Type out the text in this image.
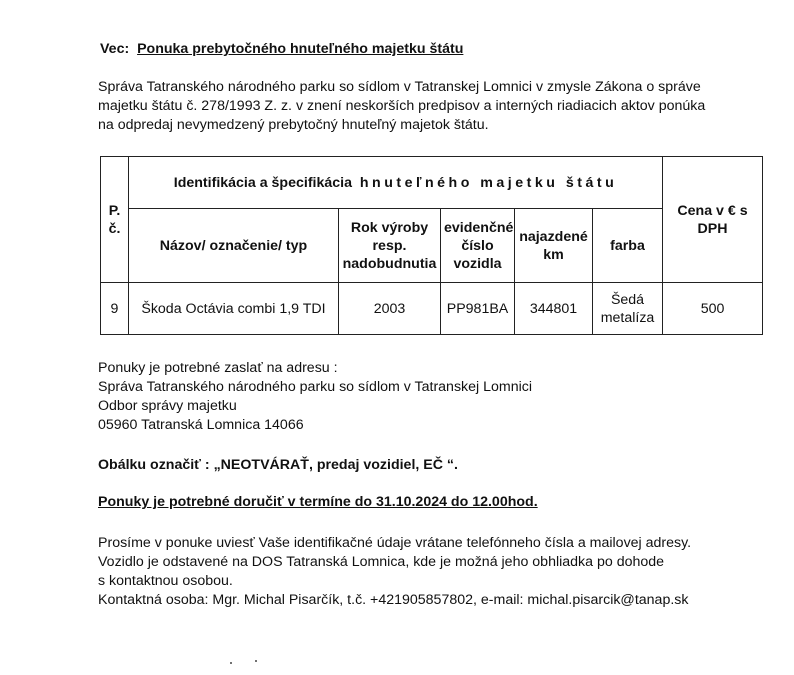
Vec: Ponuka prebytočného hnuteľného majetku štátu
Správa Tatranského národného parku so sídlom v Tatranskej Lomnici v zmysle Zákona o správe
majetku štátu č. 278/1993 Z. z. v znení neskorších predpisov a interných riadiacich aktov ponúka
na odpredaj nevymedzený prebytočný hnuteľný majetok štátu.
P. č.	Identifikácia a špecifikácia hnuteľného majetku štátu					Cena v € s DPH
	Názov/ označenie/ typ	Rok výroby resp. nadobudnutia	evidenčné číslo vozidla	najazdené km	farba	
9	Škoda Octávia combi 1,9 TDI	2003	PP981BA	344801	Šedá metalíza	500
Ponuky je potrebné zaslať na adresu :
Správa Tatranského národného parku so sídlom v Tatranskej Lomnici
Odbor správy majetku
05960 Tatranská Lomnica 14066
Obálku označiť : „NEOTVÁRAŤ, predaj vozidiel, EČ “.
Ponuky je potrebné doručiť v termíne do 31.10.2024 do 12.00hod.
Prosíme v ponuke uviesť Vaše identifikačné údaje vrátane telefónneho čísla a mailovej adresy.
Vozidlo je odstavené na DOS Tatranská Lomnica, kde je možná jeho obhliadka po dohode
s kontaktnou osobou.
Kontaktná osoba: Mgr. Michal Pisarčík, t.č. +421905857802, e-mail: michal.pisarcik@tanap.sk
